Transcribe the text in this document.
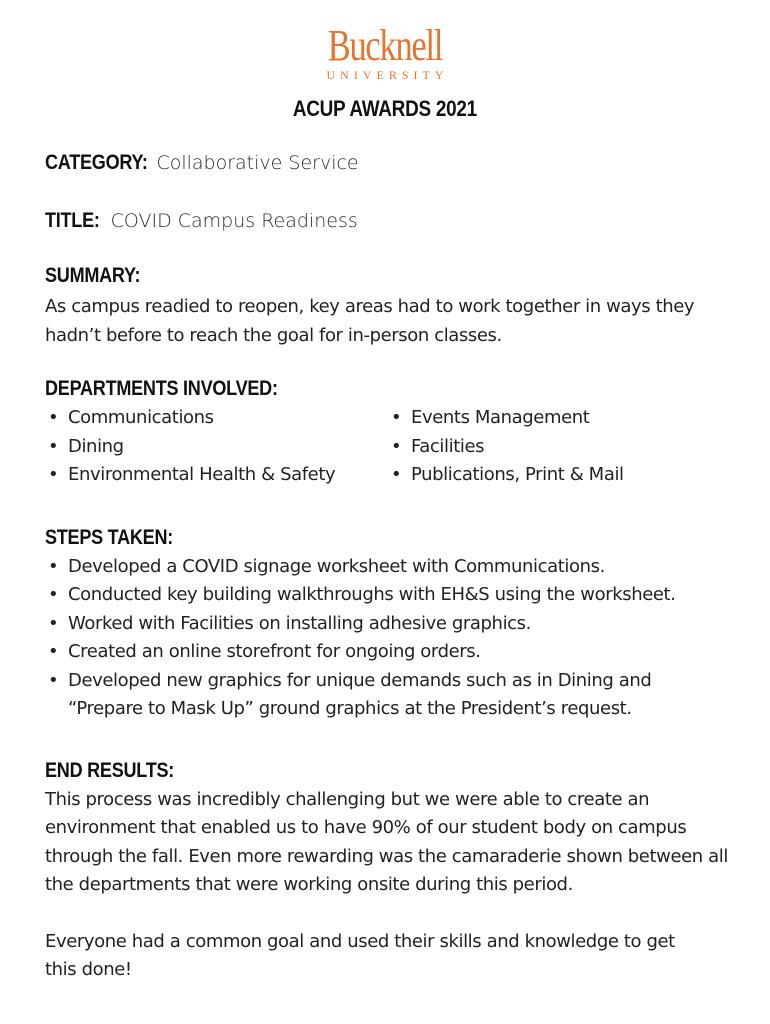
Bucknell
UNIVERSITY
ACUP AWARDS 2021
CATEGORY: Collaborative Service
TITLE: COVID Campus Readiness
SUMMARY:

As campus readied to reopen, key areas had to work together in ways they hadn’t before to reach the goal for in-person classes.

DEPARTMENTS INVOLVED:
• Communications
• Dining
• Environmental Health & Safety
• Events Management
• Facilities
• Publications, Print & Mail
STEPS TAKEN:
• Developed a COVID signage worksheet with Communications.
• Conducted key building walkthroughs with EH&S using the worksheet.
• Worked with Facilities on installing adhesive graphics.
• Created an online storefront for ongoing orders.
• Developed new graphics for unique demands such as in Dining and “Prepare to Mask Up” ground graphics at the President’s request.
END RESULTS:

This process was incredibly challenging but we were able to create an environment that enabled us to have 90% of our student body on campus through the fall. Even more rewarding was the camaraderie shown between all the departments that were working onsite during this period.

Everyone had a common goal and used their skills and knowledge to get this done!
